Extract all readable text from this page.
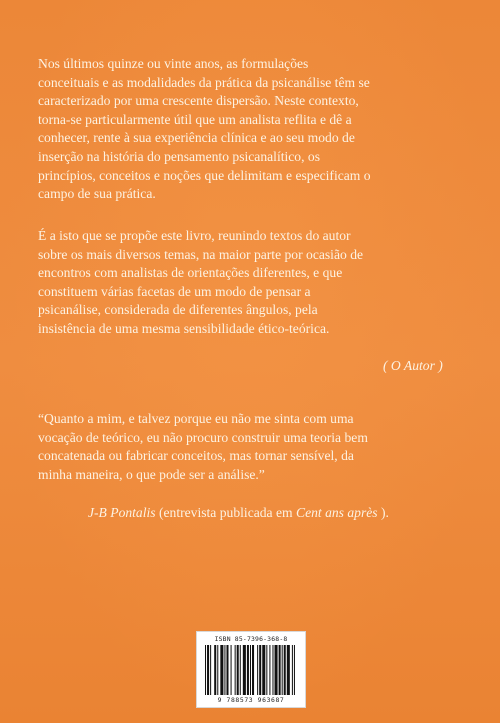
Nos últimos quinze ou vinte anos, as formulações
conceituais e as modalidades da prática da psicanálise têm se
caracterizado por uma crescente dispersão. Neste contexto,
torna-se particularmente útil que um analista reflita e dê a
conhecer, rente à sua experiência clínica e ao seu modo de
inserção na história do pensamento psicanalítico, os
princípios, conceitos e noções que delimitam e especificam o
campo de sua prática.

É a isto que se propõe este livro, reunindo textos do autor
sobre os mais diversos temas, na maior parte por ocasião de
encontros com analistas de orientações diferentes, e que
constituem várias facetas de um modo de pensar a
psicanálise, considerada de diferentes ângulos, pela
insistência de uma mesma sensibilidade ético-teórica.

( O Autor )

“Quanto a mim, e talvez porque eu não me sinta com uma
vocação de teórico, eu não procuro construir uma teoria bem
concatenada ou fabricar conceitos, mas tornar sensível, da
minha maneira, o que pode ser a análise.”

J-B Pontalis (entrevista publicada em Cent ans après ).
ISBN 85-7396-368-8
9 788573 963687
